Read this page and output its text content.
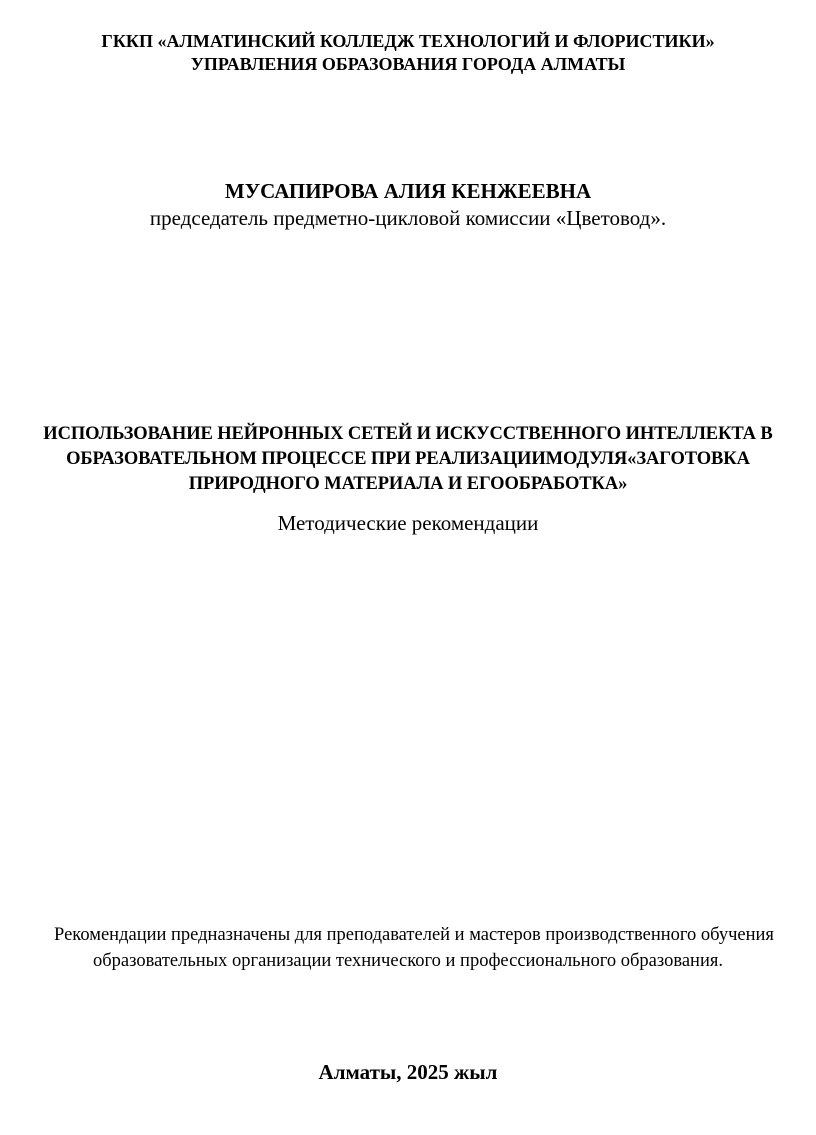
ГККП «АЛМАТИНСКИЙ КОЛЛЕДЖ ТЕХНОЛОГИЙ И ФЛОРИСТИКИ»
УПРАВЛЕНИЯ ОБРАЗОВАНИЯ ГОРОДА АЛМАТЫ
МУСАПИРОВА АЛИЯ КЕНЖЕЕВНА
председатель предметно-цикловой комиссии «Цветовод».
ИСПОЛЬЗОВАНИЕ НЕЙРОННЫХ СЕТЕЙ И ИСКУССТВЕННОГО ИНТЕЛЛЕКТА В
ОБРАЗОВАТЕЛЬНОМ ПРОЦЕССЕ ПРИ РЕАЛИЗАЦИИМОДУЛЯ«ЗАГОТОВКА
ПРИРОДНОГО МАТЕРИАЛА И ЕГООБРАБОТКА»
Методические рекомендации
Рекомендации предназначены для преподавателей и мастеров производственного обучения
образовательных организации технического и профессионального образования.
Алматы, 2025 жыл
